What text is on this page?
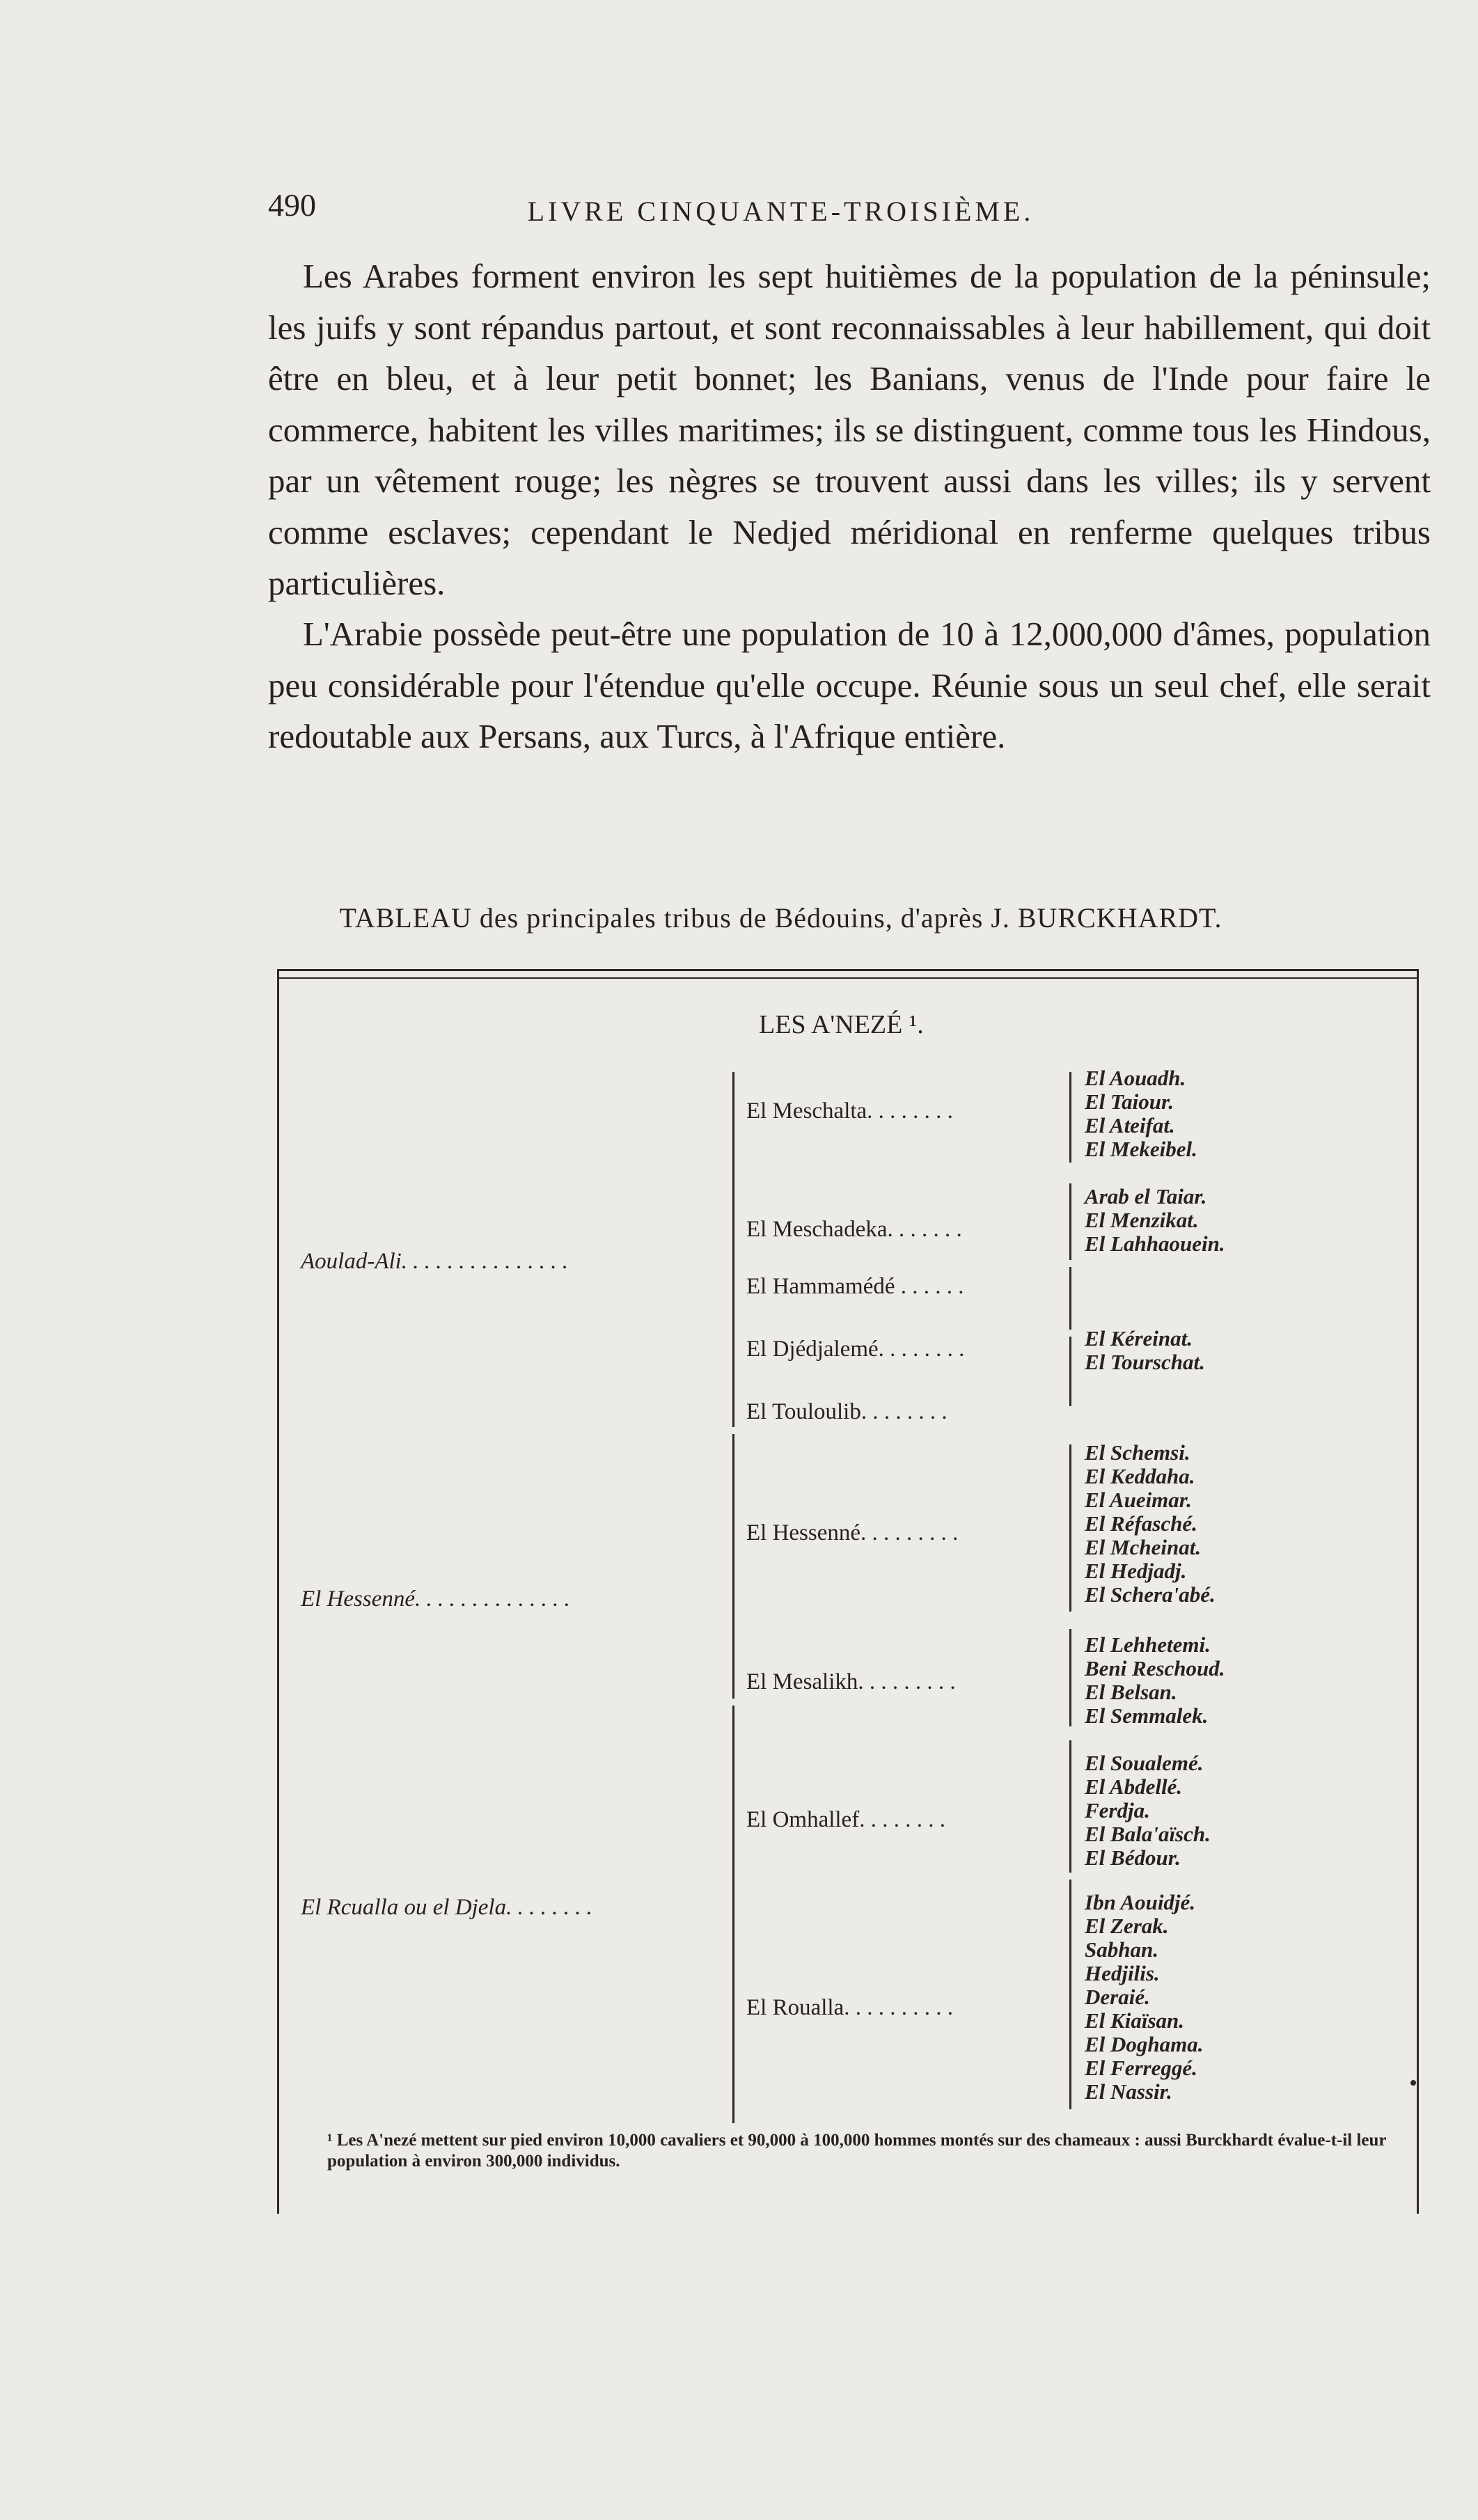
490	LIVRE CINQUANTE-TROISIÈME.

Les Arabes forment environ les sept huitièmes de la population de la péninsule; les juifs y sont répandus partout, et sont reconnaissables à leur habillement, qui doit être en bleu, et à leur petit bonnet; les Banians, venus de l'Inde pour faire le commerce, habitent les villes maritimes; ils se distinguent, comme tous les Hindous, par un vêtement rouge; les nègres se trouvent aussi dans les villes; ils y servent comme esclaves; cependant le Nedjed méridional en renferme quelques tribus particulières.

L'Arabie possède peut-être une population de 10 à 12,000,000 d'âmes, population peu considérable pour l'étendue qu'elle occupe. Réunie sous un seul chef, elle serait redoutable aux Persans, aux Turcs, à l'Afrique entière.

TABLEAU des principales tribus de Bédouins, d'après J. BURCKHARDT.
LES A'NEZÉ ¹.
Aoulad-Ali. . . . . . . . . . . . . . .
El Hessenné. . . . . . . . . . . . . .
El Rcualla ou el Djela. . . . . . . .
El Meschalta. . . . . . . .
El Meschadeka. . . . . . .
El Hammamédé . . . . . .
El Djédjalemé. . . . . . . .
El Touloulib. . . . . . . .
El Hessenné. . . . . . . . .
El Mesalikh. . . . . . . . .
El Omhallef. . . . . . . .
El Roualla. . . . . . . . . .
El Aouadh.
El Taiour.
El Ateifat.
El Mekeibel.
Arab el Taiar.
El Menzikat.
El Lahhaouein.
El Kéreinat.
El Tourschat.
El Schemsi.
El Keddaha.
El Aueimar.
El Réfasché.
El Mcheinat.
El Hedjadj.
El Schera'abé.
El Lehhetemi.
Beni Reschoud.
El Belsan.
El Semmalek.
El Soualemé.
El Abdellé.
Ferdja.
El Bala'aïsch.
El Bédour.
Ibn Aouidjé.
El Zerak.
Sabhan.
Hedjilis.
Deraié.
El Kiaïsan.
El Doghama.
El Ferreggé.
El Nassir.
¹ Les A'nezé mettent sur pied environ 10,000 cavaliers et 90,000 à 100,000 hommes montés sur des chameaux : aussi Burckhardt évalue-t-il leur population à environ 300,000 individus.
